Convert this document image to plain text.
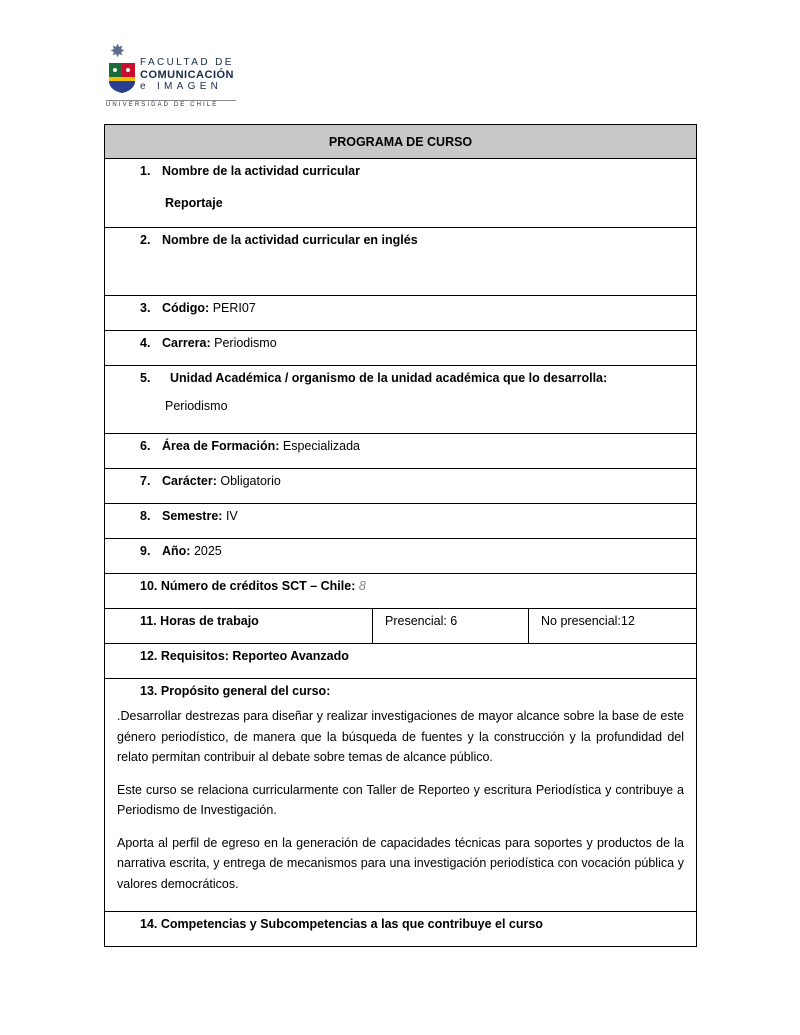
✸
FACULTAD DE
COMUNICACIÓN
e IMAGEN
UNIVERSIDAD DE CHILE
PROGRAMA DE CURSO
1. Nombre de la actividad curricular
Reportaje

2. Nombre de la actividad curricular en inglés

3. Código: PERI07
4. Carrera: Periodismo
5. Unidad Académica / organismo de la unidad académica que lo desarrolla:
Periodismo

6. Área de Formación: Especializada
7. Carácter: Obligatorio
8. Semestre: IV
9. Año: 2025
10. Número de créditos SCT – Chile: 8
11. Horas de trabajo	Presencial: 6	No presencial:12
12. Requisitos: Reporteo Avanzado

13. Propósito general del curso:

.Desarrollar destrezas para diseñar y realizar investigaciones de mayor alcance sobre la base de este género periodístico, de manera que la búsqueda de fuentes y la construcción y la profundidad del relato permitan contribuir al debate sobre temas de alcance público.

Este curso se relaciona curricularmente con Taller de Reporteo y escritura Periodística y contribuye a Periodismo de Investigación.

Aporta al perfil de egreso en la generación de capacidades técnicas para soportes y productos de la narrativa escrita, y entrega de mecanismos para una investigación periodística con vocación pública y valores democráticos.

14. Competencias y Subcompetencias a las que contribuye el curso
